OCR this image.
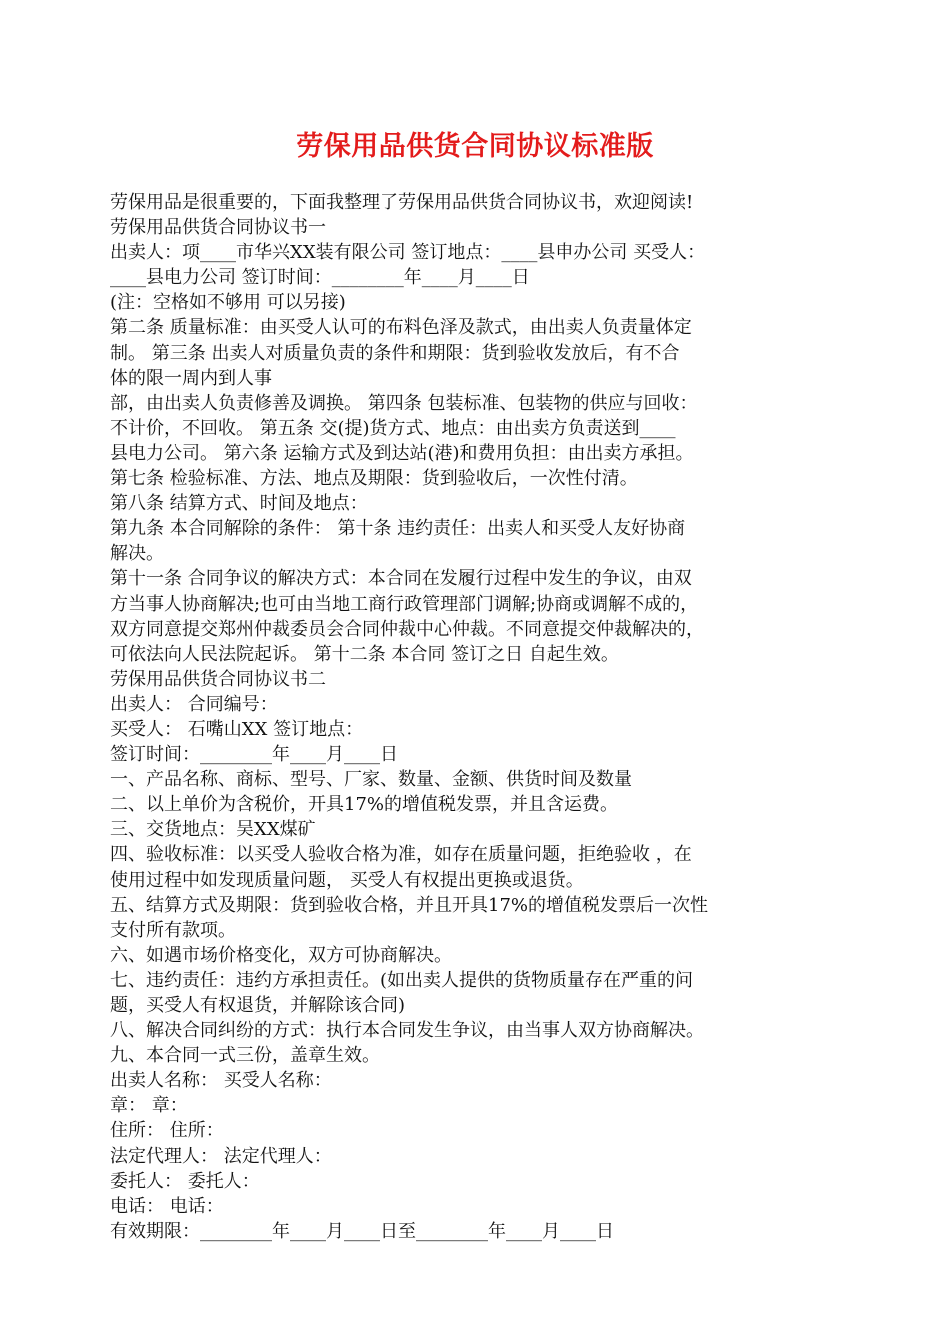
劳保用品供货合同协议标准版
劳保用品是很重要的，下面我整理了劳保用品供货合同协议书，欢迎阅读!
劳保用品供货合同协议书一
出卖人：项____市华兴XX装有限公司 签订地点：____县申办公司 买受人：
____县电力公司 签订时间：________年____月____日
(注：空格如不够用 可以另接)
第二条 质量标准：由买受人认可的布料色泽及款式，由出卖人负责量体定
制。 第三条 出卖人对质量负责的条件和期限：货到验收发放后，有不合
体的限一周内到人事
部，由出卖人负责修善及调换。 第四条 包装标准、包装物的供应与回收：
不计价，不回收。 第五条 交(提)货方式、地点：由出卖方负责送到____
县电力公司。 第六条 运输方式及到达站(港)和费用负担：由出卖方承担。
第七条 检验标准、方法、地点及期限：货到验收后，一次性付清。
第八条 结算方式、时间及地点：
第九条 本合同解除的条件： 第十条 违约责任：出卖人和买受人友好协商
解决。
第十一条 合同争议的解决方式：本合同在发履行过程中发生的争议，由双
方当事人协商解决;也可由当地工商行政管理部门调解;协商或调解不成的，
双方同意提交郑州仲裁委员会合同仲裁中心仲裁。不同意提交仲裁解决的，
可依法向人民法院起诉。 第十二条 本合同 签订之日 自起生效。
劳保用品供货合同协议书二
出卖人： 合同编号：
买受人： 石嘴山XX 签订地点：
签订时间：________年____月____日
一、产品名称、商标、型号、厂家、数量、金额、供货时间及数量
二、以上单价为含税价，开具17%的增值税发票，并且含运费。
三、交货地点：吴XX煤矿
四、验收标准：以买受人验收合格为准，如存在质量问题，拒绝验收 ，在
使用过程中如发现质量问题， 买受人有权提出更换或退货。
五、结算方式及期限：货到验收合格，并且开具17%的增值税发票后一次性
支付所有款项。
六、如遇市场价格变化，双方可协商解决。
七、违约责任：违约方承担责任。(如出卖人提供的货物质量存在严重的问
题，买受人有权退货，并解除该合同)
八、解决合同纠纷的方式：执行本合同发生争议，由当事人双方协商解决。
九、本合同一式三份，盖章生效。
出卖人名称： 买受人名称：
章： 章：
住所： 住所：
法定代理人： 法定代理人：
委托人： 委托人：
电话： 电话：
有效期限：________年____月____日至________年____月____日
